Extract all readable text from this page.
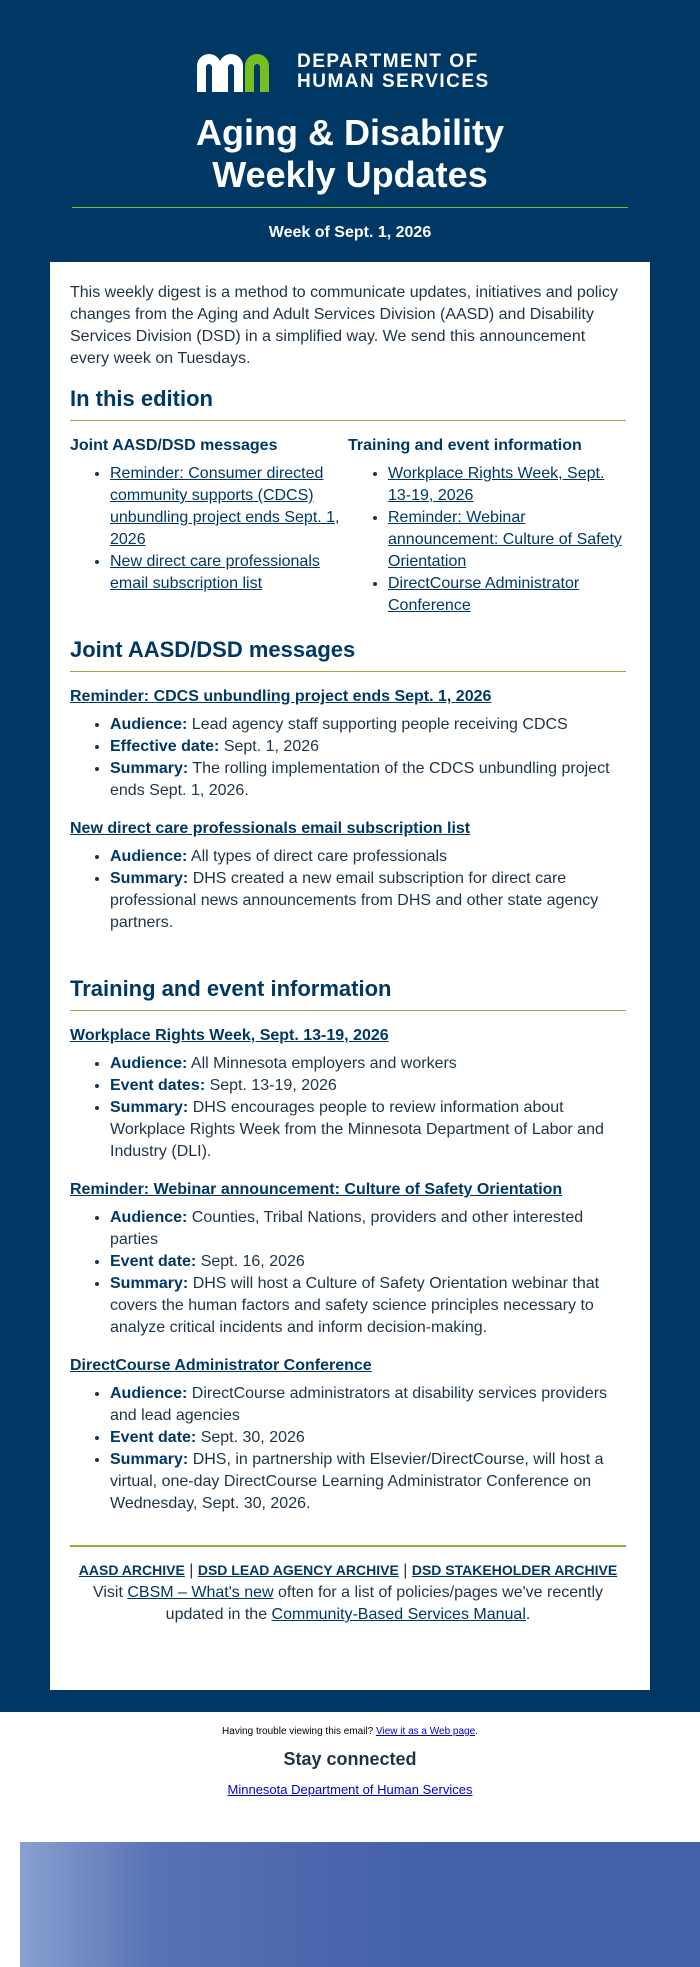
DEPARTMENT OF
HUMAN SERVICES
Aging & Disability
Weekly Updates
Week of Sept. 1, 2026

This weekly digest is a method to communicate updates, initiatives and policy changes from the Aging and Adult Services Division (AASD) and Disability Services Division (DSD) in a simplified way. We send this announcement every week on Tuesdays.

In this edition
Joint AASD/DSD messages
• Reminder: Consumer directed community supports (CDCS) unbundling project ends Sept. 1, 2026
• New direct care professionals email subscription list
Training and event information
• Workplace Rights Week, Sept. 13-19, 2026
• Reminder: Webinar announcement: Culture of Safety Orientation
• DirectCourse Administrator Conference
Joint AASD/DSD messages
Reminder: CDCS unbundling project ends Sept. 1, 2026
• Audience: Lead agency staff supporting people receiving CDCS
• Effective date: Sept. 1, 2026
• Summary: The rolling implementation of the CDCS unbundling project ends Sept. 1, 2026.
New direct care professionals email subscription list
• Audience: All types of direct care professionals
• Summary: DHS created a new email subscription for direct care professional news announcements from DHS and other state agency partners.
Training and event information
Workplace Rights Week, Sept. 13-19, 2026
• Audience: All Minnesota employers and workers
• Event dates: Sept. 13-19, 2026
• Summary: DHS encourages people to review information about Workplace Rights Week from the Minnesota Department of Labor and Industry (DLI).
Reminder: Webinar announcement: Culture of Safety Orientation
• Audience: Counties, Tribal Nations, providers and other interested parties
• Event date: Sept. 16, 2026
• Summary: DHS will host a Culture of Safety Orientation webinar that covers the human factors and safety science principles necessary to analyze critical incidents and inform decision-making.
DirectCourse Administrator Conference
• Audience: DirectCourse administrators at disability services providers and lead agencies
• Event date: Sept. 30, 2026
• Summary: DHS, in partnership with Elsevier/DirectCourse, will host a virtual, one-day DirectCourse Learning Administrator Conference on Wednesday, Sept. 30, 2026.
AASD ARCHIVE | DSD LEAD AGENCY ARCHIVE | DSD STAKEHOLDER ARCHIVE
Visit CBSM – What's new often for a list of policies/pages we've recently updated in the Community-Based Services Manual.
Having trouble viewing this email? View it as a Web page.
Stay connected
Minnesota Department of Human Services
